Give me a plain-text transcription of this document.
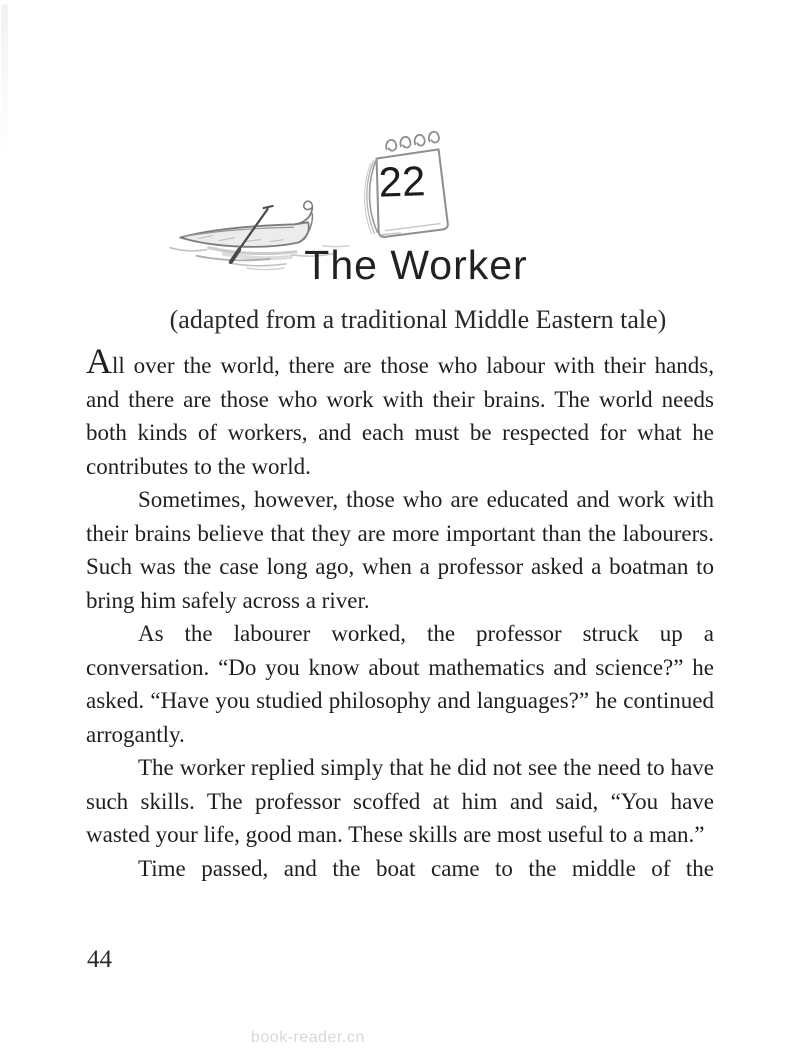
22
The Worker
(adapted from a traditional Middle Eastern tale)

All over the world, there are those who labour with their hands, and there are those who work with their brains. The world needs both kinds of workers, and each must be respected for what he contributes to the world.

Sometimes, however, those who are educated and work with their brains believe that they are more important than the labourers. Such was the case long ago, when a professor asked a boatman to bring him safely across a river.

As the labourer worked, the professor struck up a conversation. “Do you know about mathematics and science?” he asked. “Have you studied philosophy and languages?” he continued arrogantly.

The worker replied simply that he did not see the need to have such skills. The professor scoffed at him and said, “You have wasted your life, good man. These skills are most useful to a man.”

Time passed, and the boat came to the middle of the

44
book-reader.cn
